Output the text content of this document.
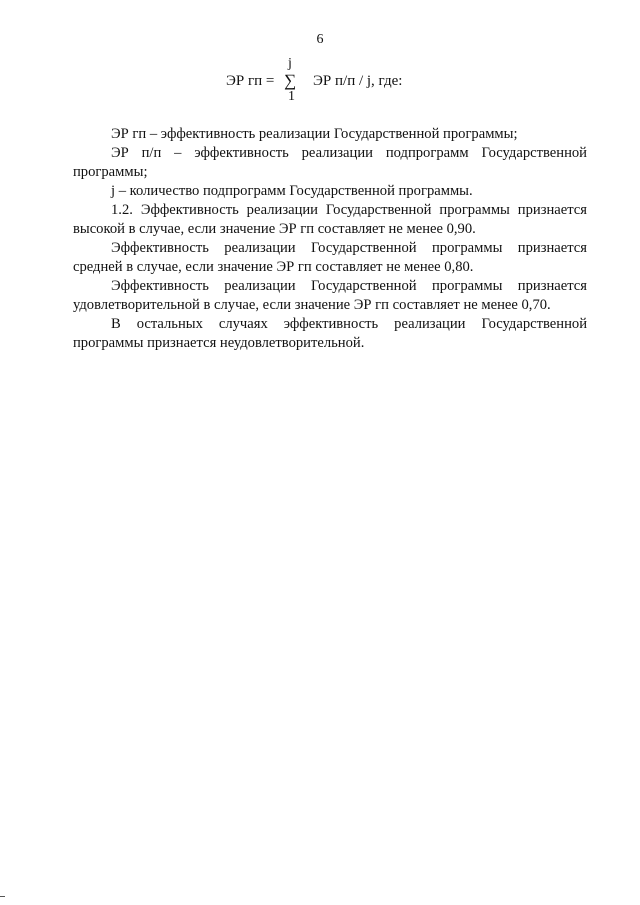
6
ЭР гп =
j
∑
1
ЭР п/п / j, где:

ЭР гп – эффективность реализации Государственной программы;

ЭР п/п – эффективность реализации подпрограмм Государственной программы;

j – количество подпрограмм Государственной программы.

1.2. Эффективность реализации Государственной программы признается высокой в случае, если значение ЭР гп составляет не менее 0,90.

Эффективность реализации Государственной программы признается средней в случае, если значение ЭР гп составляет не менее 0,80.

Эффективность реализации Государственной программы признается удовлетворительной в случае, если значение ЭР гп составляет не менее 0,70.

В остальных случаях эффективность реализации Государственной программы признается неудовлетворительной.
